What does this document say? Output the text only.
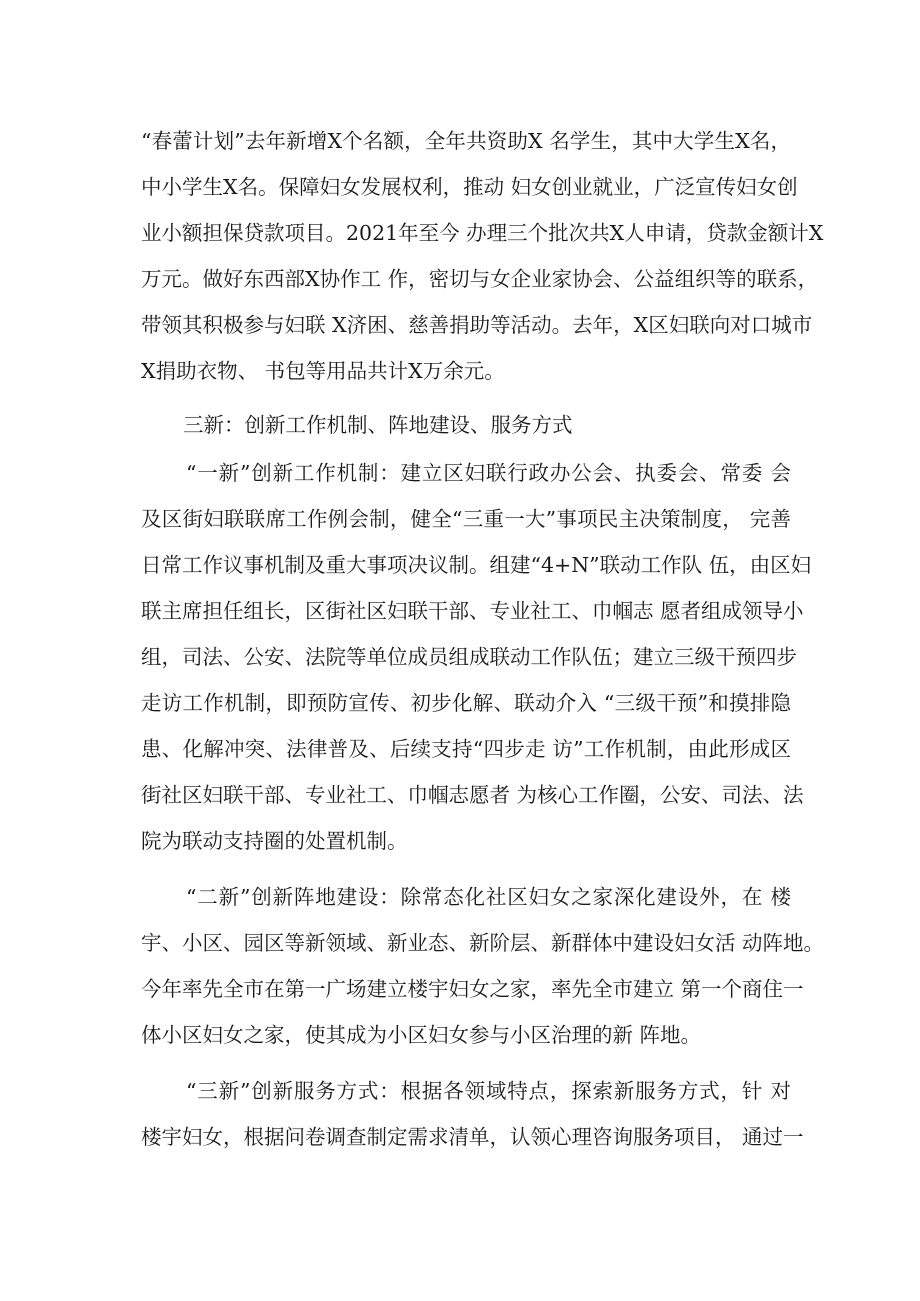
“春蕾计划”去年新增X个名额，全年共资助X 名学生，其中大学生X名，
中小学生X名。保障妇女发展权利，推动 妇女创业就业，广泛宣传妇女创
业小额担保贷款项目。2021年至今 办理三个批次共X人申请，贷款金额计X
万元。做好东西部X协作工 作，密切与女企业家协会、公益组织等的联系，
带领其积极参与妇联 X济困、慈善捐助等活动。去年，X区妇联向对口城市
X捐助衣物、 书包等用品共计X万余元。
三新：创新工作机制、阵地建设、服务方式
“一新”创新工作机制：建立区妇联行政办公会、执委会、常委 会
及区街妇联联席工作例会制，健全“三重一大”事项民主决策制度， 完善
日常工作议事机制及重大事项决议制。组建“4+N”联动工作队 伍，由区妇
联主席担任组长，区街社区妇联干部、专业社工、巾帼志 愿者组成领导小
组，司法、公安、法院等单位成员组成联动工作队伍；建立三级干预四步
走访工作机制，即预防宣传、初步化解、联动介入 “三级干预”和摸排隐
患、化解冲突、法律普及、后续支持“四步走 访”工作机制，由此形成区
街社区妇联干部、专业社工、巾帼志愿者 为核心工作圈，公安、司法、法
院为联动支持圈的处置机制。
“二新”创新阵地建设：除常态化社区妇女之家深化建设外，在 楼
宇、小区、园区等新领域、新业态、新阶层、新群体中建设妇女活 动阵地。
今年率先全市在第一广场建立楼宇妇女之家，率先全市建立 第一个商住一
体小区妇女之家，使其成为小区妇女参与小区治理的新 阵地。
“三新”创新服务方式：根据各领域特点，探索新服务方式，针 对
楼宇妇女，根据问卷调查制定需求清单，认领心理咨询服务项目， 通过一
